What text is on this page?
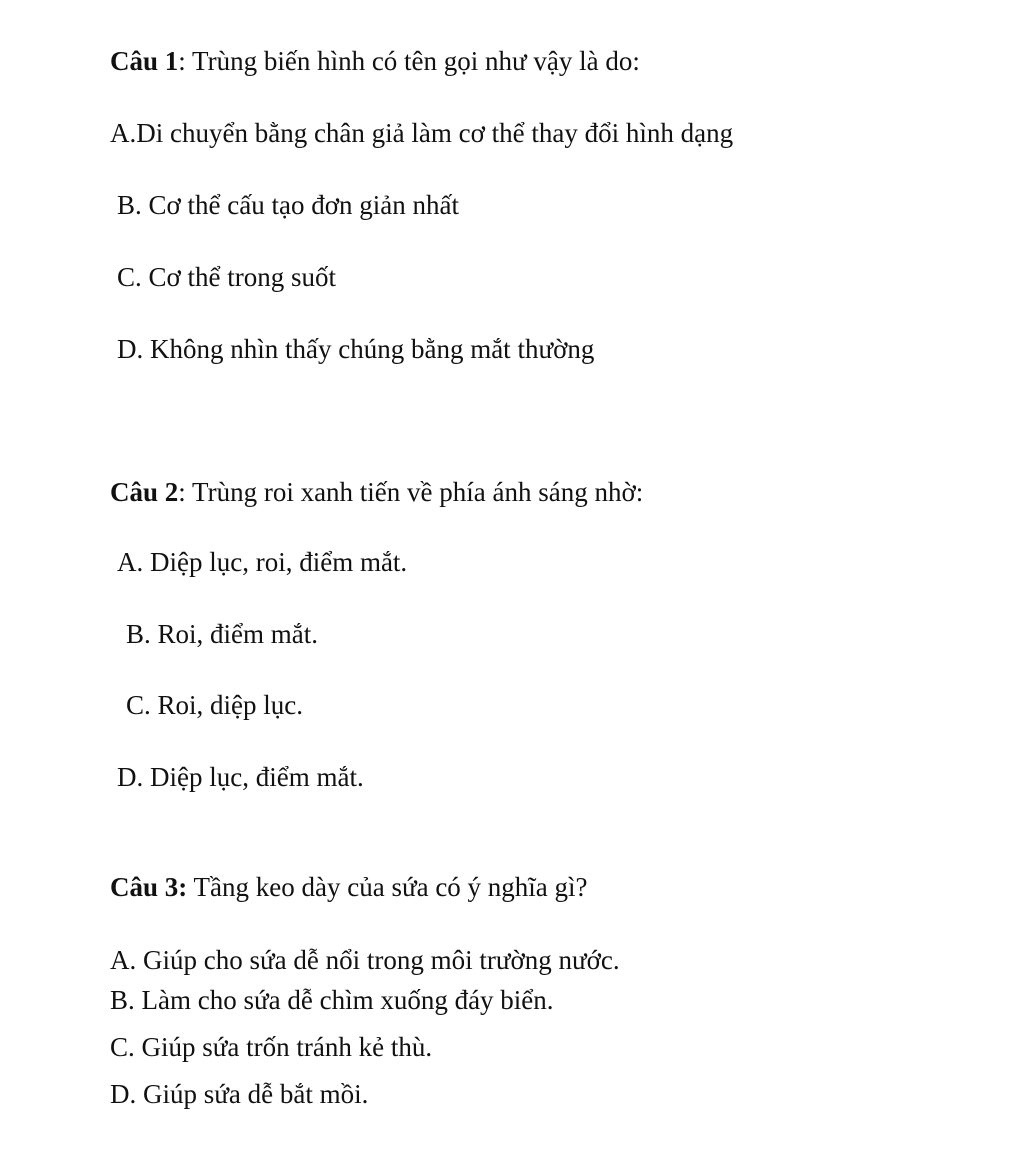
Câu 1: Trùng biến hình có tên gọi như vậy là do:
A.Di chuyển bằng chân giả làm cơ thể thay đổi hình dạng
B. Cơ thể cấu tạo đơn giản nhất
C. Cơ thể trong suốt
D. Không nhìn thấy chúng bằng mắt thường
Câu 2: Trùng roi xanh tiến về phía ánh sáng nhờ:
A. Diệp lục, roi, điểm mắt.
B. Roi, điểm mắt.
C. Roi, diệp lục.
D. Diệp lục, điểm mắt.
Câu 3: Tầng keo dày của sứa có ý nghĩa gì?
A. Giúp cho sứa dễ nổi trong môi trường nước.
B. Làm cho sứa dễ chìm xuống đáy biển.
C. Giúp sứa trốn tránh kẻ thù.
D. Giúp sứa dễ bắt mồi.
